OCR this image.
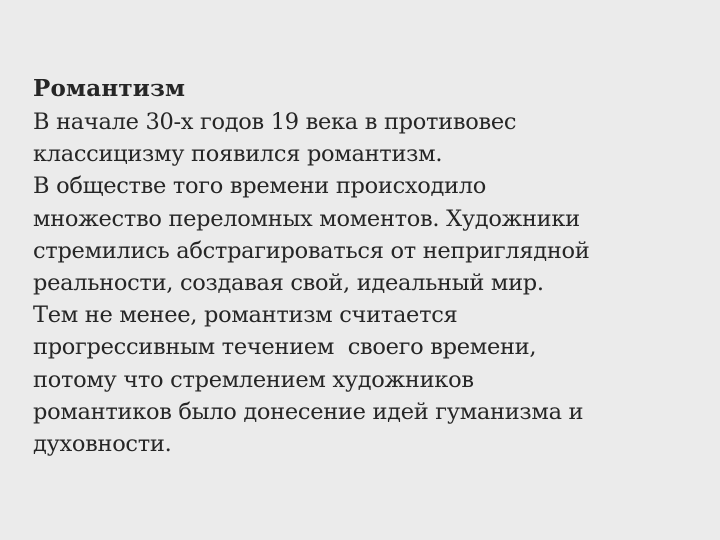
Романтизм

В начале 30-х годов 19 века в противовес

классицизму появился романтизм.

В обществе того времени происходило

множество переломных моментов. Художники

стремились абстрагироваться от неприглядной

реальности, создавая свой, идеальный мир.

Тем не менее, романтизм считается

прогрессивным течением  своего времени,

потому что стремлением художников

романтиков было донесение идей гуманизма и

духовности.
